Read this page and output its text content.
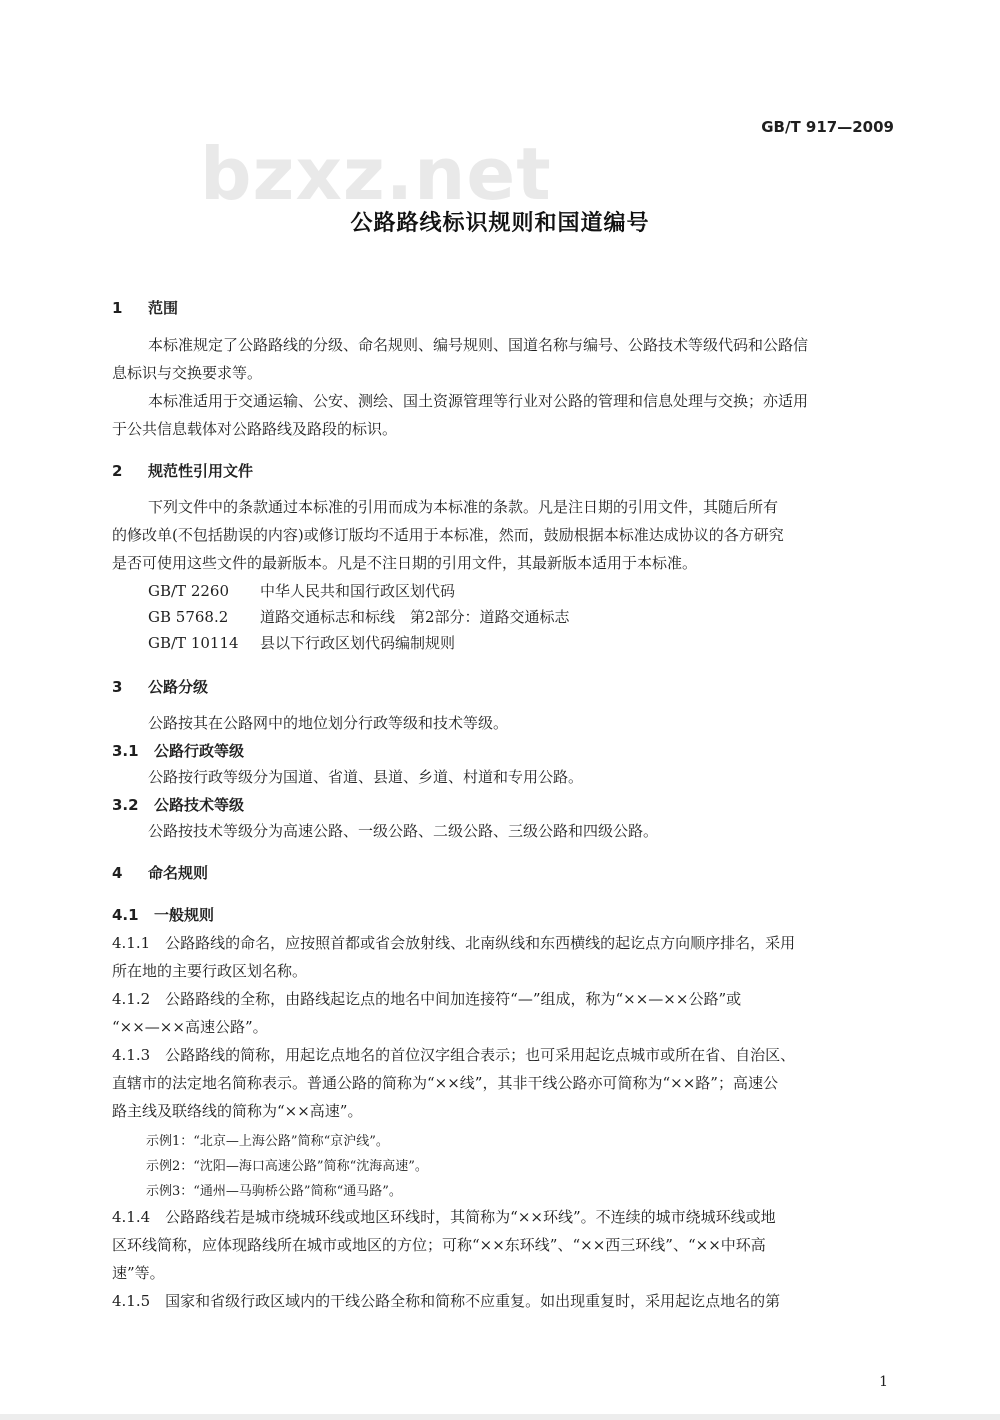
bzxz.net
GB/T 917—2009
公路路线标识规则和国道编号
1 范围
本标准规定了公路路线的分级、命名规则、编号规则、国道名称与编号、公路技术等级代码和公路信
息标识与交换要求等。
本标准适用于交通运输、公安、测绘、国土资源管理等行业对公路的管理和信息处理与交换；亦适用
于公共信息载体对公路路线及路段的标识。
2 规范性引用文件
下列文件中的条款通过本标准的引用而成为本标准的条款。凡是注日期的引用文件，其随后所有
的修改单(不包括勘误的内容)或修订版均不适用于本标准，然而，鼓励根据本标准达成协议的各方研究
是否可使用这些文件的最新版本。凡是不注日期的引用文件，其最新版本适用于本标准。
GB/T 2260 中华人民共和国行政区划代码
GB 5768.2 道路交通标志和标线　第2部分：道路交通标志
GB/T 10114 县以下行政区划代码编制规则
3 公路分级
公路按其在公路网中的地位划分行政等级和技术等级。
3.1 公路行政等级
公路按行政等级分为国道、省道、县道、乡道、村道和专用公路。
3.2 公路技术等级
公路按技术等级分为高速公路、一级公路、二级公路、三级公路和四级公路。
4 命名规则
4.1 一般规则
4.1.1　公路路线的命名，应按照首都或省会放射线、北南纵线和东西横线的起讫点方向顺序排名，采用
所在地的主要行政区划名称。
4.1.2　公路路线的全称，由路线起讫点的地名中间加连接符“—”组成，称为“××—××公路”或
“××—××高速公路”。
4.1.3　公路路线的简称，用起讫点地名的首位汉字组合表示；也可采用起讫点城市或所在省、自治区、
直辖市的法定地名简称表示。普通公路的简称为“××线”，其非干线公路亦可简称为“××路”；高速公
路主线及联络线的简称为“××高速”。
示例1：“北京—上海公路”简称“京沪线”。
示例2：“沈阳—海口高速公路”简称“沈海高速”。
示例3：“通州—马驹桥公路”简称“通马路”。
4.1.4　公路路线若是城市绕城环线或地区环线时，其简称为“××环线”。不连续的城市绕城环线或地
区环线简称，应体现路线所在城市或地区的方位；可称“××东环线”、“××西三环线”、“××中环高
速”等。
4.1.5　国家和省级行政区域内的干线公路全称和简称不应重复。如出现重复时，采用起讫点地名的第
1
